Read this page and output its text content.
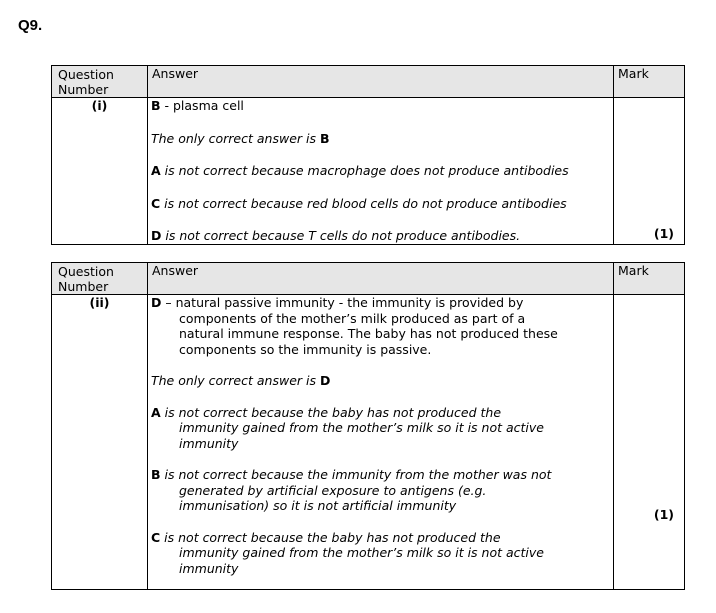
Q9.
Question Number	Answer	Mark

(i)	B - plasma cell

The only correct answer is B

A is not correct because macrophage does not produce antibodies

C is not correct because red blood cells do not produce antibodies

D is not correct because T cells do not produce antibodies.	(1)
Question Number	Answer	Mark

(ii)	D – natural passive immunity - the immunity is provided by components of the mother’s milk produced as part of a natural immune response. The baby has not produced these components so the immunity is passive.

The only correct answer is D

A is not correct because the baby has not produced the immunity gained from the mother’s milk so it is not active immunity

B is not correct because the immunity from the mother was not generated by artificial exposure to antigens (e.g. immunisation) so it is not artificial immunity

C is not correct because the baby has not produced the immunity gained from the mother’s milk so it is not active immunity	(1)
